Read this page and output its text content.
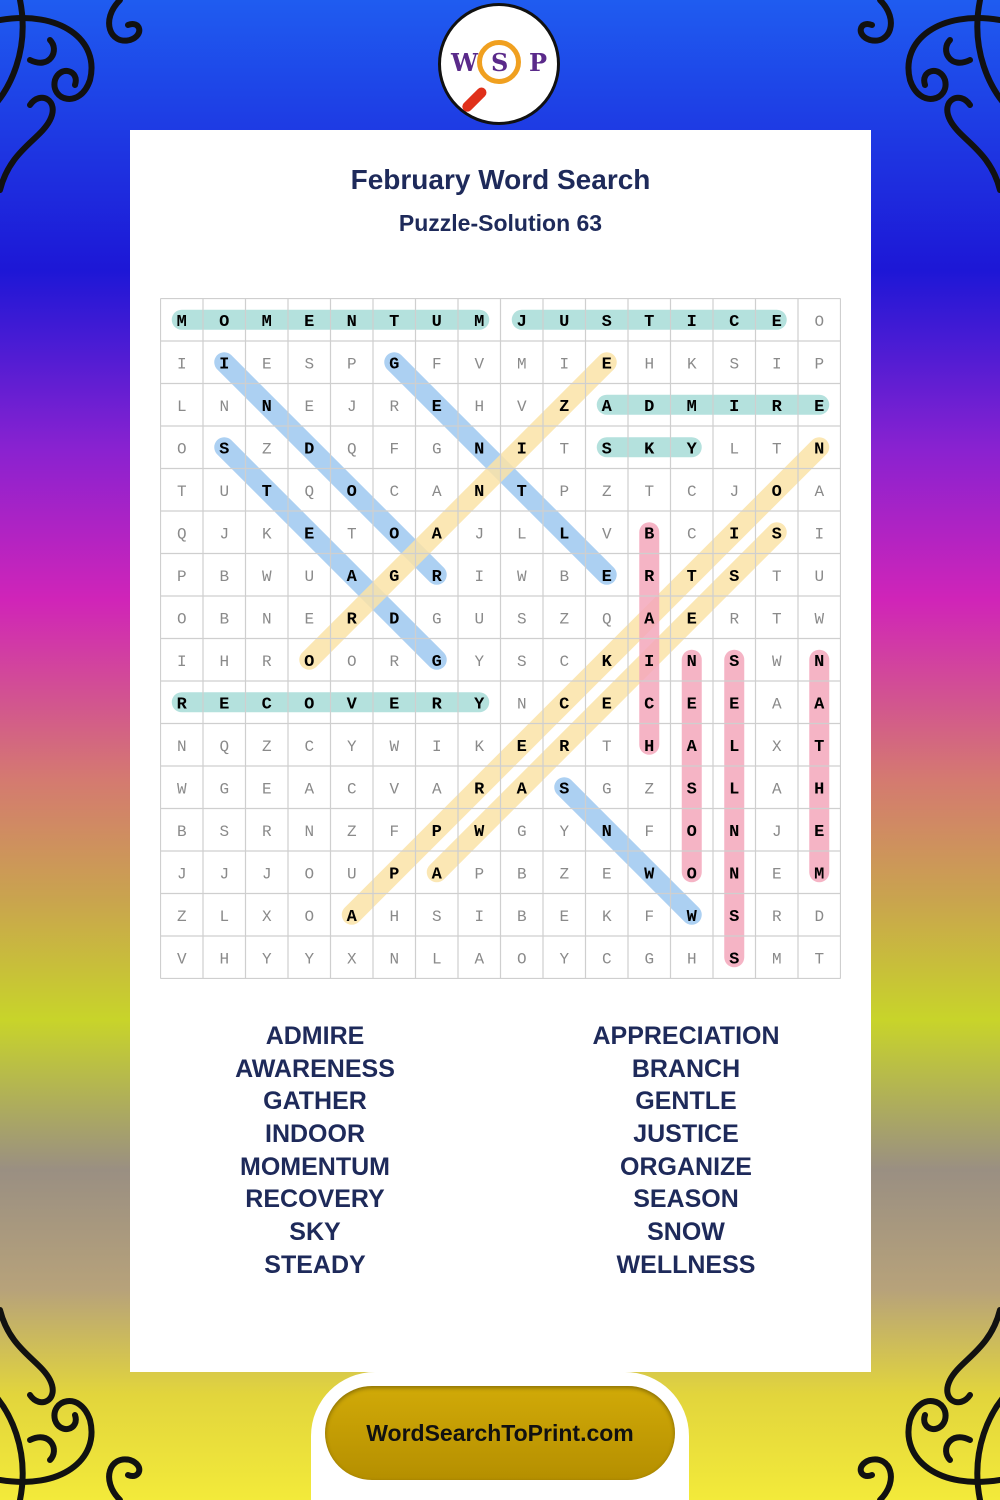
W S P
February Word Search
Puzzle-Solution 63
M O M E N T U M J U S T I C E O
I I E S P G F V M I E H K S I P
L N N E J R E H V Z A D M I R E
O S Z D Q F G N I T S K Y L T N
T U T Q O C A N T P Z T C J O A
Q J K E T O A J L L V B C I S I
P B W U A G R I W B E R T S T U
O B N E R D G U S Z Q A E R T W
I H R O O R G Y S C K I N S W N
R E C O V E R Y N C E C E E A A
N Q Z C Y W I K E R T H A L X T
W G E A C V A R A S G Z S L A H
B S R N Z F P W G Y N F O N J E
J J J O U P A P B Z E W O N E M
Z L X O A H S I B E K F W S R D
V H Y Y X N L A O Y C G H S M T
ADMIRE
AWARENESS
GATHER
INDOOR
MOMENTUM
RECOVERY
SKY
STEADY
APPRECIATION
BRANCH
GENTLE
JUSTICE
ORGANIZE
SEASON
SNOW
WELLNESS
WordSearchToPrint.com
